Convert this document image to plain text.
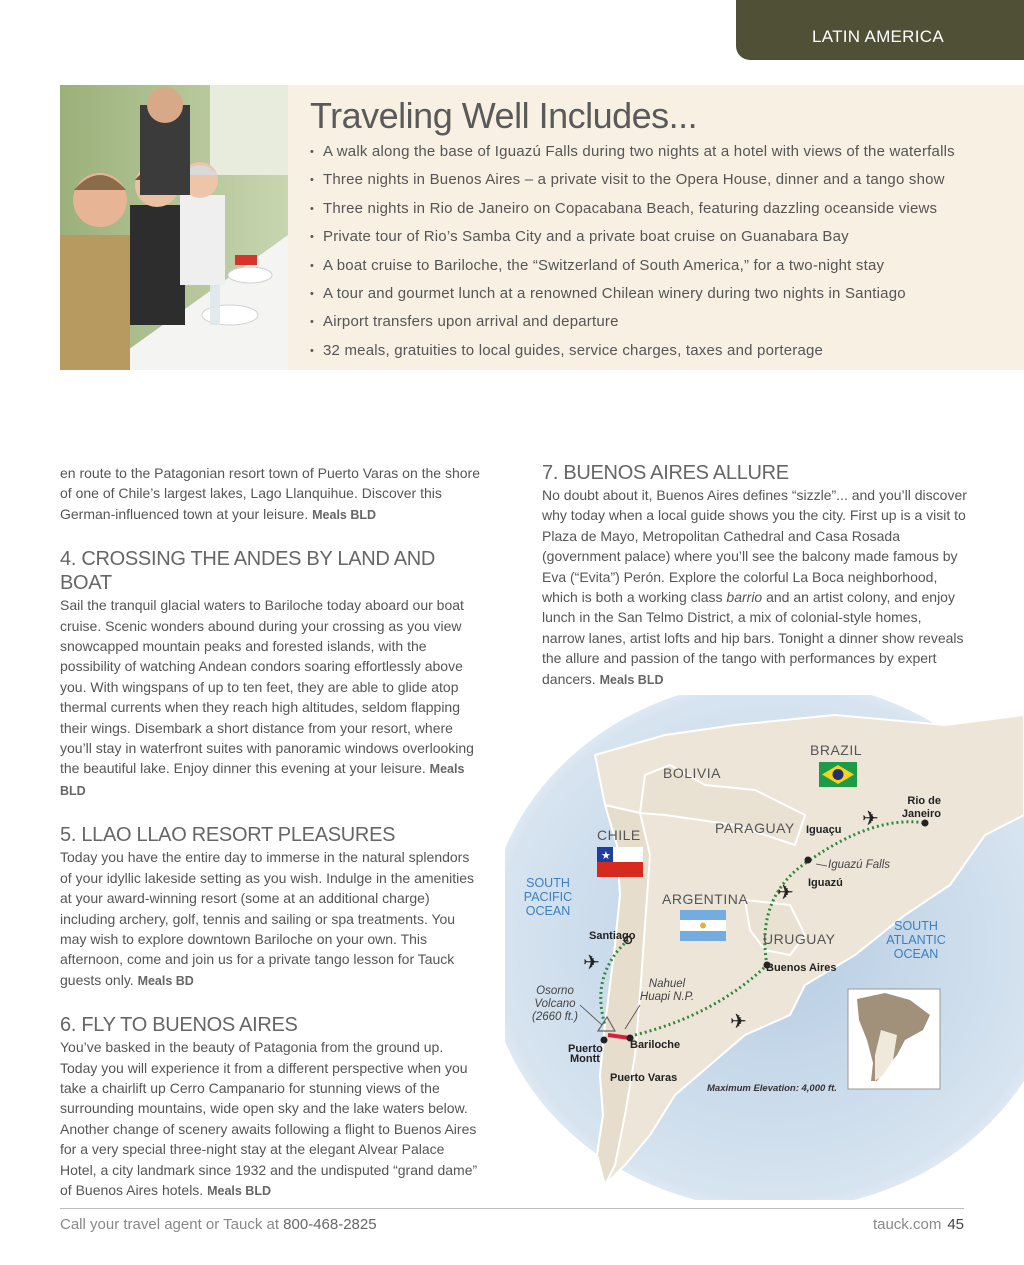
LATIN AMERICA
Traveling Well Includes...
• A walk along the base of Iguazú Falls during two nights at a hotel with views of the waterfalls
• Three nights in Buenos Aires – a private visit to the Opera House, dinner and a tango show
• Three nights in Rio de Janeiro on Copacabana Beach, featuring dazzling oceanside views
• Private tour of Rio’s Samba City and a private boat cruise on Guanabara Bay
• A boat cruise to Bariloche, the “Switzerland of South America,” for a two-night stay
• A tour and gourmet lunch at a renowned Chilean winery during two nights in Santiago
• Airport transfers upon arrival and departure
• 32 meals, gratuities to local guides, service charges, taxes and porterage

en route to the Patagonian resort town of Puerto Varas on the shore of one of Chile’s largest lakes, Lago Llanquihue. Discover this German-influenced town at your leisure. Meals BLD

4. CROSSING THE ANDES BY LAND AND BOAT

Sail the tranquil glacial waters to Bariloche today aboard our boat cruise. Scenic wonders abound during your crossing as you view snowcapped mountain peaks and forested islands, with the possibility of watching Andean condors soaring effortlessly above you. With wingspans of up to ten feet, they are able to glide atop thermal currents when they reach high altitudes, seldom flapping their wings. Disembark a short distance from your resort, where you’ll stay in waterfront suites with panoramic windows overlooking the beautiful lake. Enjoy dinner this evening at your leisure. Meals BLD

5. LLAO LLAO RESORT PLEASURES

Today you have the entire day to immerse in the natural splendors of your idyllic lakeside setting as you wish. Indulge in the amenities at your award-winning resort (some at an additional charge) including archery, golf, tennis and sailing or spa treatments. You may wish to explore downtown Bariloche on your own. This afternoon, come and join us for a private tango lesson for Tauck guests only. Meals BD

6. FLY TO BUENOS AIRES

You’ve basked in the beauty of Patagonia from the ground up. Today you will experience it from a different perspective when you take a chairlift up Cerro Campanario for stunning views of the surrounding mountains, wide open sky and the lake waters below. Another change of scenery awaits following a flight to Buenos Aires for a very special three-night stay at the elegant Alvear Palace Hotel, a city landmark since 1932 and the undisputed “grand dame” of Buenos Aires hotels. Meals BLD

7. BUENOS AIRES ALLURE

No doubt about it, Buenos Aires defines “sizzle”... and you’ll discover why today when a local guide shows you the city. First up is a visit to Plaza de Mayo, Metropolitan Cathedral and Casa Rosada (government palace) where you’ll see the balcony made famous by Eva (“Evita”) Perón. Explore the colorful La Boca neighborhood, which is both a working class barrio and an artist colony, and enjoy lunch in the San Telmo District, a mix of colonial-style homes, narrow lanes, artist lofts and hip bars. Tonight a dinner show reveals the allure and passion of the tango with performances by expert dancers. Meals BLD

✈
✈
✈
✈
★
BOLIVIA
BRAZIL
PARAGUAY
CHILE
ARGENTINA
URUGUAY
SOUTH
PACIFIC
OCEAN
SOUTH
ATLANTIC
OCEAN
Rio de
Janeiro
Iguaçu
Iguazú
Santiago
Buenos Aires
Puerto
Montt
Bariloche
Puerto Varas
Iguazú Falls
Nahuel
Huapi N.P.
Osorno
Volcano
(2660 ft.)
Maximum Elevation: 4,000 ft.
Call your travel agent or Tauck at 800-468-2825	tauck.com 45
